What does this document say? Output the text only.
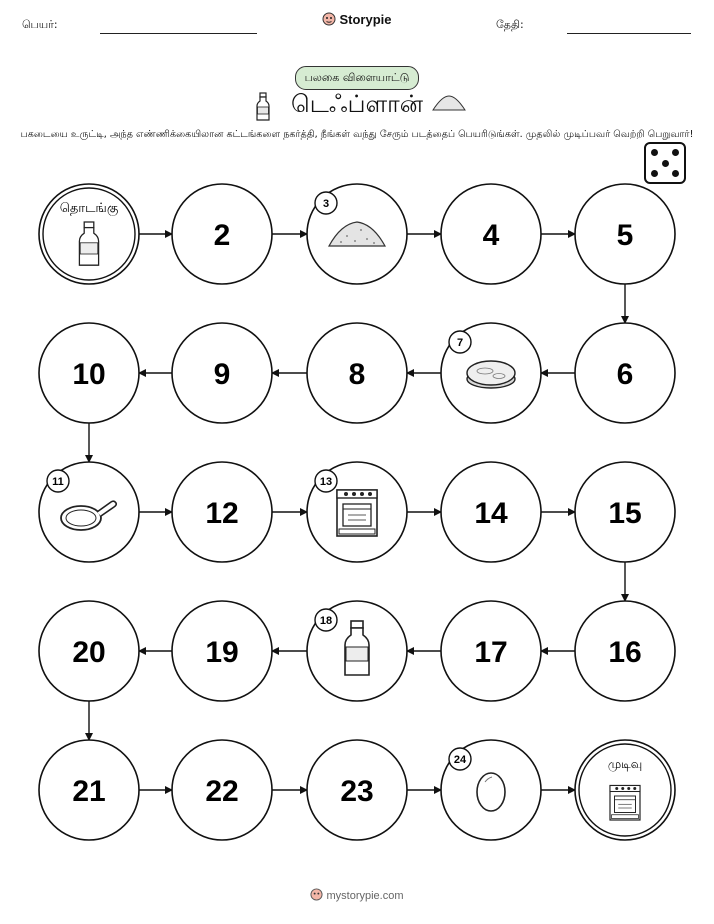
பெயர்:	Storypie	தேதி:
பலகை விளையாட்டு
டெஃப்ளான்
பகடையை உருட்டி, அந்த எண்ணிக்கையிலான கட்டங்களை நகர்த்தி, நீங்கள் வந்து சேரும் படத்தைப் பெயரிடுங்கள். முதலில் முடிப்பவர் வெற்றி பெறுவார்!
தொடங்கு
2
3
4	5
6
7
8
9
10
11
12
13
14	15
16
17
18
19
20
21	22	23
24	முடிவு
mystorypie.com
